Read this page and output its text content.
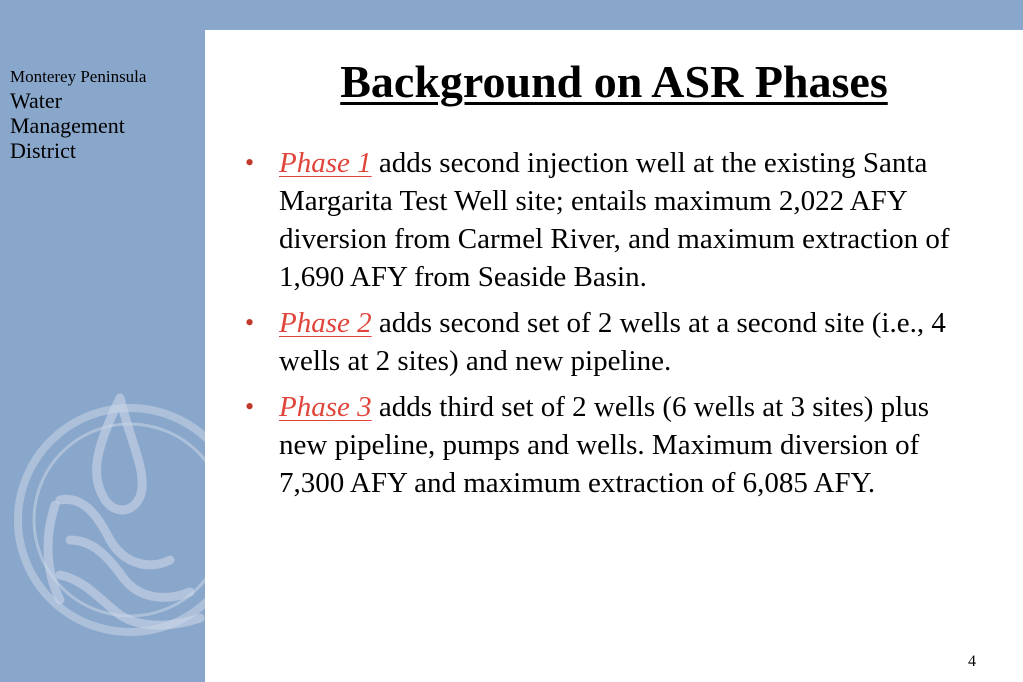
Monterey Peninsula
Water
Management
District

Background on ASR Phases
• Phase 1 adds second injection well at the existing Santa Margarita Test Well site; entails maximum 2,022 AFY diversion from Carmel River, and maximum extraction of 1,690 AFY from Seaside Basin.
• Phase 2 adds second set of 2 wells at a second site (i.e., 4 wells at 2 sites) and new pipeline.
• Phase 3 adds third set of 2 wells (6 wells at 3 sites) plus new pipeline, pumps and wells. Maximum diversion of 7,300 AFY and maximum extraction of 6,085 AFY.
4
